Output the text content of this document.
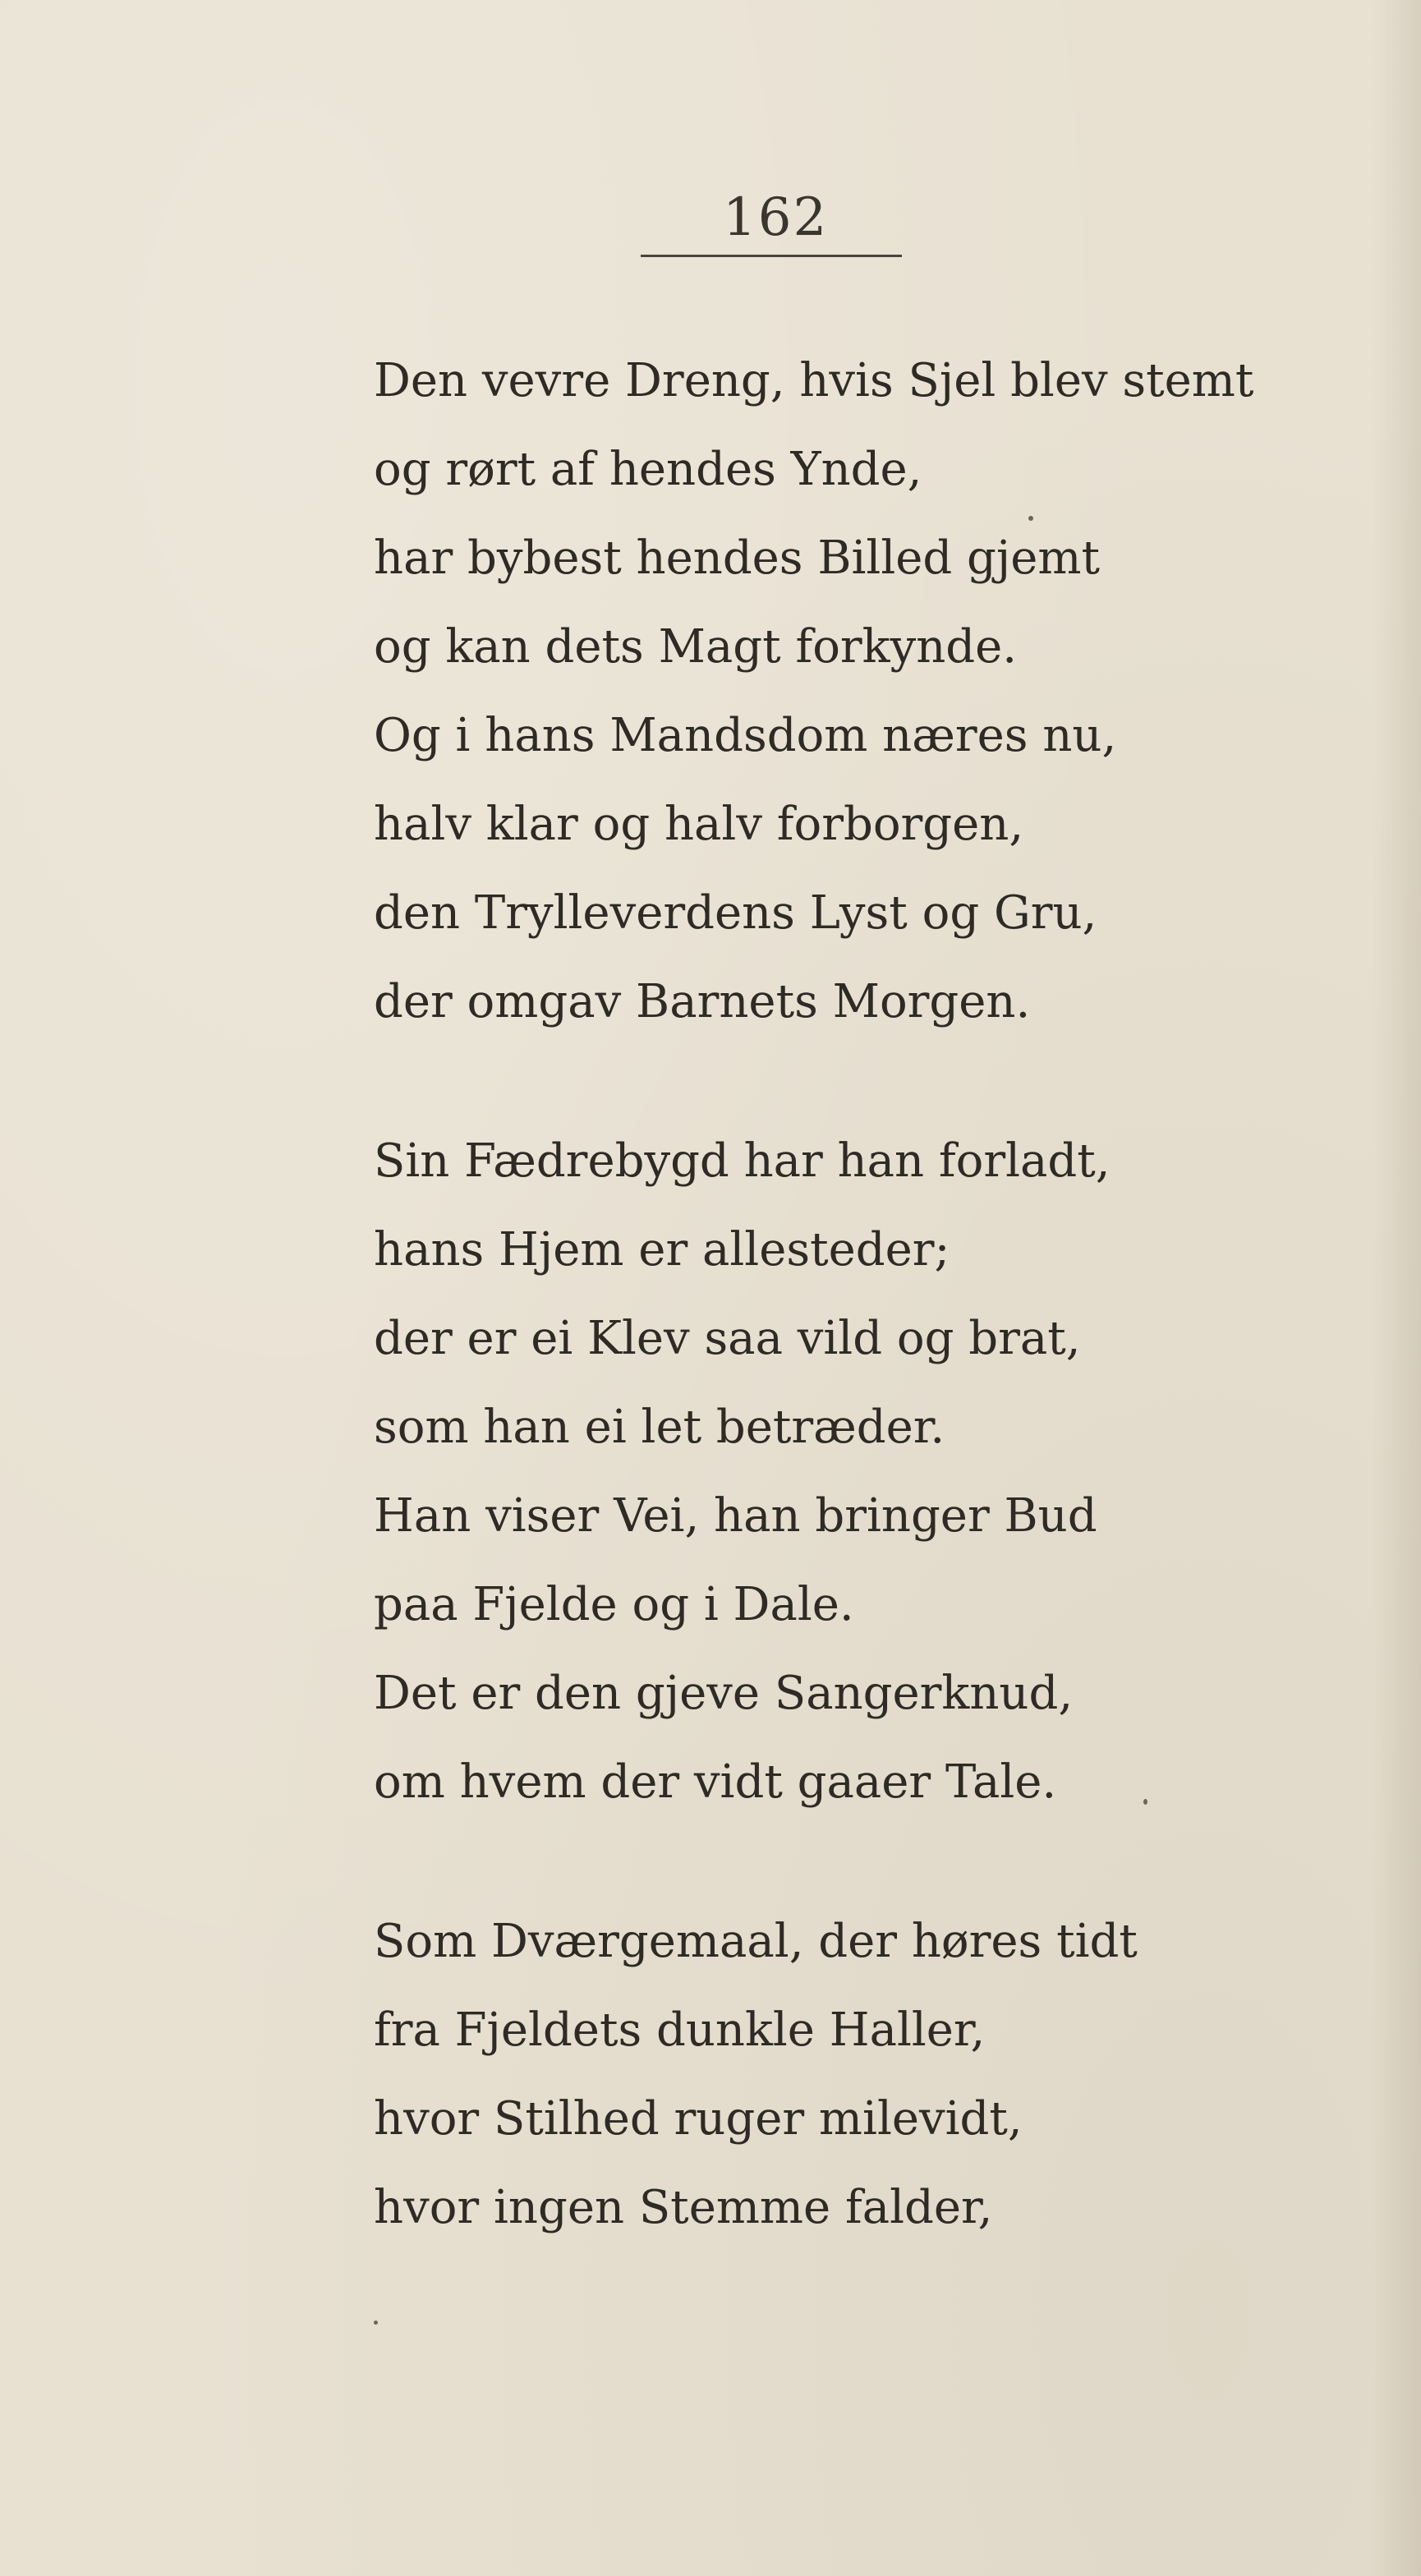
162
Den vevre Dreng, hvis Sjel blev stemt
og rørt af hendes Ynde,
har bybest hendes Billed gjemt
og kan dets Magt forkynde.
Og i hans Mandsdom næres nu,
halv klar og halv forborgen,
den Trylleverdens Lyst og Gru,
der omgav Barnets Morgen.
Sin Fædrebygd har han forladt,
hans Hjem er allesteder;
der er ei Klev saa vild og brat,
som han ei let betræder.
Han viser Vei, han bringer Bud
paa Fjelde og i Dale.
Det er den gjeve Sangerknud,
om hvem der vidt gaaer Tale.
Som Dværgemaal, der høres tidt
fra Fjeldets dunkle Haller,
hvor Stilhed ruger milevidt,
hvor ingen Stemme falder,
